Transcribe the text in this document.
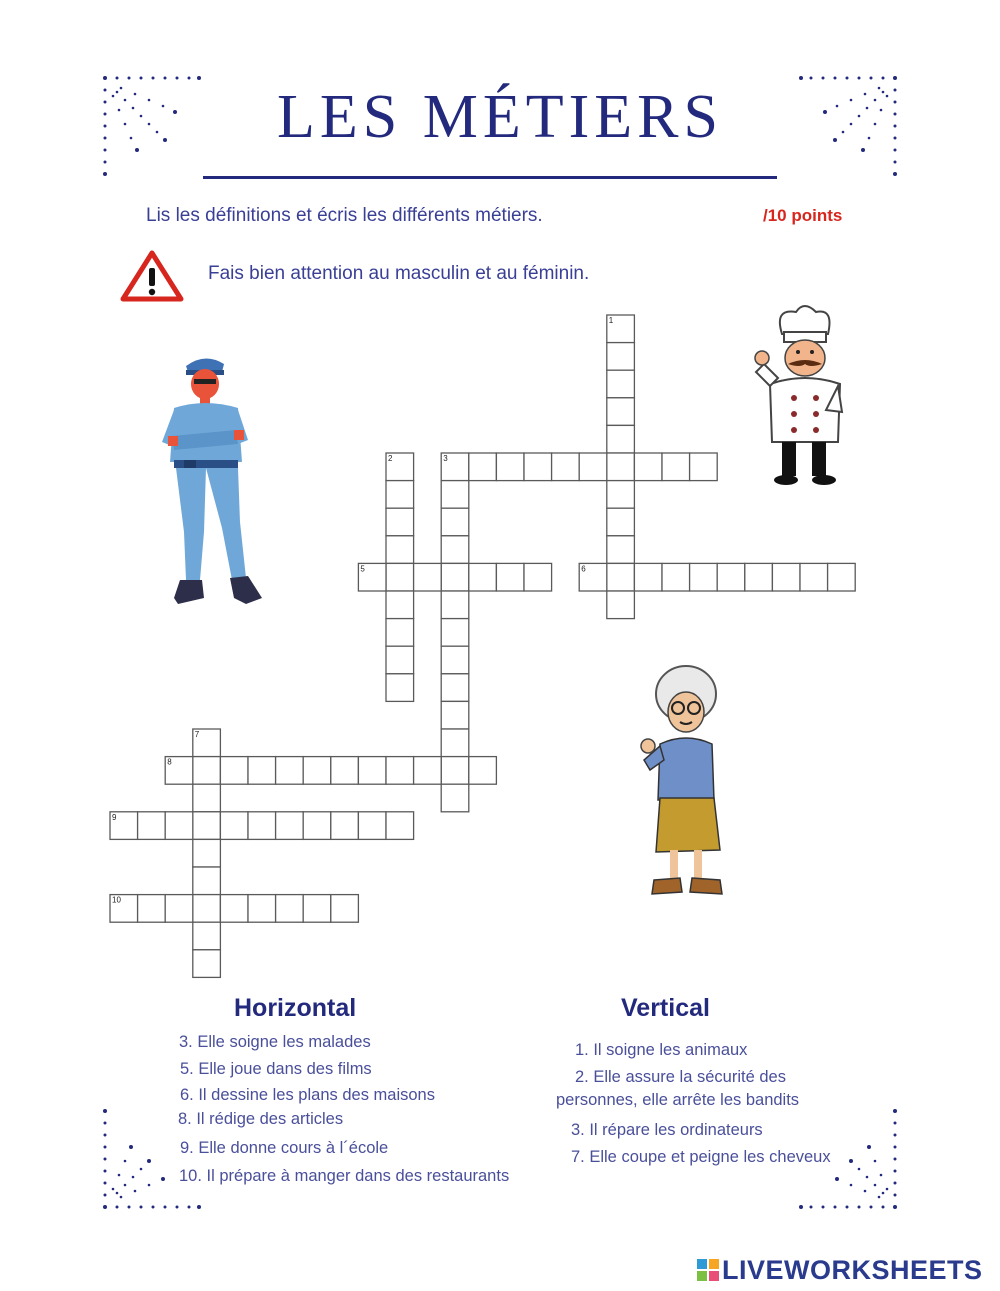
LES MÉTIERS
Lis les définitions et écris les différents métiers.	/10 points
Fais bien attention au masculin et au féminin.
1
2	3
5	6
7
8
9
10
Horizontal	Vertical
3. Elle soigne les malades
5. Elle joue dans des films
6. Il dessine les plans des maisons
8. Il rédige des articles
9. Elle donne cours à l´école
10. Il prépare à manger dans des restaurants
1. Il soigne les animaux
2. Elle assure la sécurité des
personnes, elle arrête les bandits
3. Il répare les ordinateurs
7. Elle coupe et peigne les cheveux
LIVEWORKSHEETS
